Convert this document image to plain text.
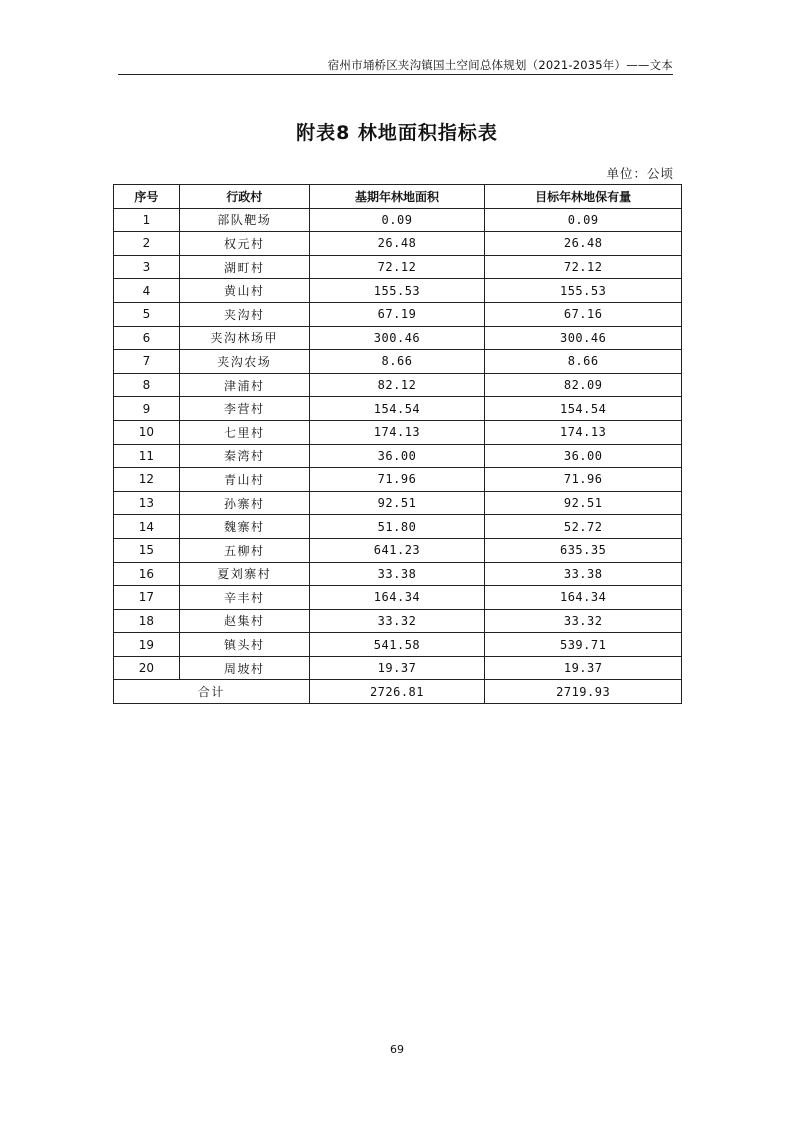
宿州市埇桥区夹沟镇国土空间总体规划（2021-2035年）——文本
附表8 林地面积指标表
单位：公顷
序号	行政村	基期年林地面积	目标年林地保有量
1	部队靶场	0.09	0.09
2	权元村	26.48	26.48
3	湖町村	72.12	72.12
4	黄山村	155.53	155.53
5	夹沟村	67.19	67.16
6	夹沟林场甲	300.46	300.46
7	夹沟农场	8.66	8.66
8	津浦村	82.12	82.09
9	李营村	154.54	154.54
10	七里村	174.13	174.13
11	秦湾村	36.00	36.00
12	青山村	71.96	71.96
13	孙寨村	92.51	92.51
14	魏寨村	51.80	52.72
15	五柳村	641.23	635.35
16	夏刘寨村	33.38	33.38
17	辛丰村	164.34	164.34
18	赵集村	33.32	33.32
19	镇头村	541.58	539.71
20	周坡村	19.37	19.37
合计		2726.81	2719.93
69
